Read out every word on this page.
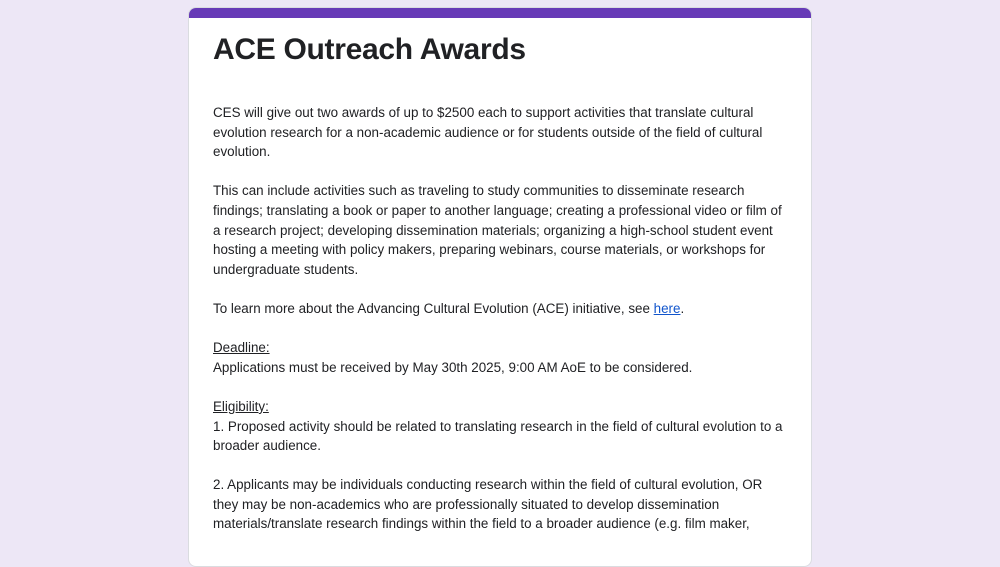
ACE Outreach Awards

CES will give out two awards of up to $2500 each to support activities that translate cultural evolution research for a non-academic audience or for students outside of the field of cultural evolution.

This can include activities such as traveling to study communities to disseminate research findings; translating a book or paper to another language; creating a professional video or film of a research project; developing dissemination materials; organizing a high-school student event hosting a meeting with policy makers, preparing webinars, course materials, or workshops for undergraduate students.

To learn more about the Advancing Cultural Evolution (ACE) initiative, see here.

Deadline:

Applications must be received by May 30th 2025, 9:00 AM AoE to be considered.

Eligibility:

1. Proposed activity should be related to translating research in the field of cultural evolution to a broader audience.

2. Applicants may be individuals conducting research within the field of cultural evolution, OR they may be non-academics who are professionally situated to develop dissemination materials/translate research findings within the field to a broader audience (e.g. film maker,
